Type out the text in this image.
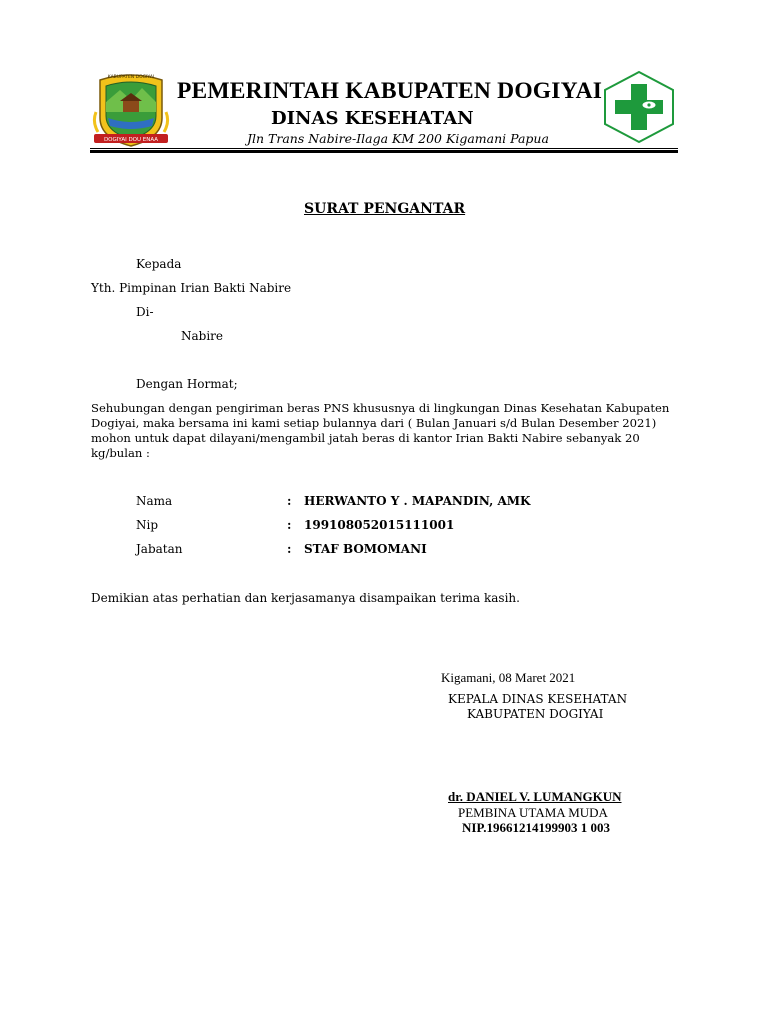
DOGIYAI DOU ENAA
KABUPATEN DOGIYAI
PEMERINTAH KABUPATEN DOGIYAI
DINAS KESEHATAN
Jln Trans Nabire-Ilaga KM 200 Kigamani Papua
SURAT PENGANTAR
Kepada
Yth. Pimpinan Irian Bakti Nabire
Di-
Nabire
Dengan Hormat;
Sehubungan dengan pengiriman beras PNS khususnya di lingkungan Dinas Kesehatan Kabupaten
Dogiyai, maka bersama ini kami setiap bulannya dari ( Bulan Januari s/d Bulan Desember 2021)
mohon untuk dapat dilayani/mengambil jatah beras di kantor Irian Bakti Nabire sebanyak 20
kg/bulan :
Nama	: HERWANTO Y . MAPANDIN, AMK
Nip	: 199108052015111001
Jabatan	: STAF BOMOMANI
Demikian atas perhatian dan kerjasamanya disampaikan terima kasih.
Kigamani, 08 Maret 2021
KEPALA DINAS KESEHATAN
KABUPATEN DOGIYAI
dr. DANIEL V. LUMANGKUN
PEMBINA UTAMA MUDA
NIP.19661214199903 1 003
